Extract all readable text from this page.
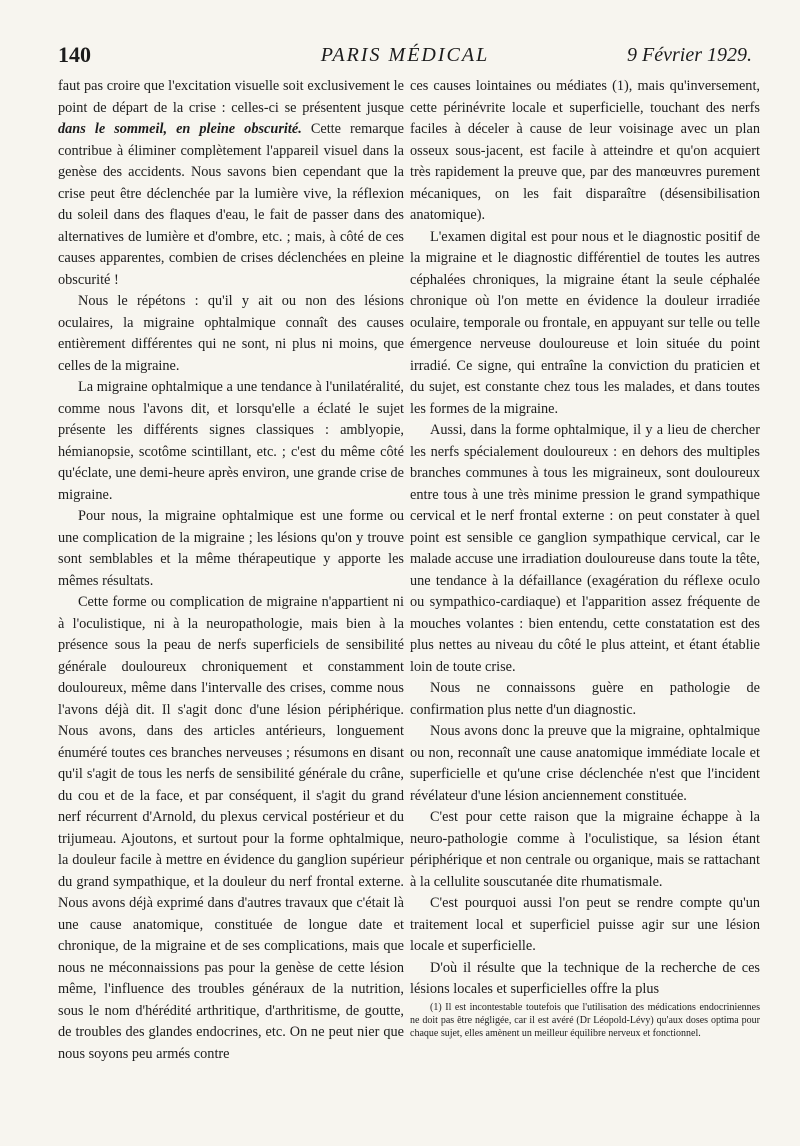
140	PARIS MÉDICAL	9 Février 1929.

faut pas croire que l'excitation visuelle soit exclusivement le point de départ de la crise : celles-ci se présentent jusque dans le sommeil, en pleine obscurité. Cette remarque contribue à éliminer complètement l'appareil visuel dans la genèse des accidents. Nous savons bien cependant que la crise peut être déclenchée par la lumière vive, la réflexion du soleil dans des flaques d'eau, le fait de passer dans des alternatives de lumière et d'ombre, etc. ; mais, à côté de ces causes apparentes, combien de crises déclenchées en pleine obscurité !

Nous le répétons : qu'il y ait ou non des lésions oculaires, la migraine ophtalmique connaît des causes entièrement différentes qui ne sont, ni plus ni moins, que celles de la migraine.

La migraine ophtalmique a une tendance à l'unilatéralité, comme nous l'avons dit, et lorsqu'elle a éclaté le sujet présente les différents signes classiques : amblyopie, hémianopsie, scotôme scintillant, etc. ; c'est du même côté qu'éclate, une demi-heure après environ, une grande crise de migraine.

Pour nous, la migraine ophtalmique est une forme ou une complication de la migraine ; les lésions qu'on y trouve sont semblables et la même thérapeutique y apporte les mêmes résultats.

Cette forme ou complication de migraine n'appartient ni à l'oculistique, ni à la neuropathologie, mais bien à la présence sous la peau de nerfs superficiels de sensibilité générale douloureux chroniquement et constamment douloureux, même dans l'intervalle des crises, comme nous l'avons déjà dit. Il s'agit donc d'une lésion périphérique. Nous avons, dans des articles antérieurs, longuement énuméré toutes ces branches nerveuses ; résumons en disant qu'il s'agit de tous les nerfs de sensibilité générale du crâne, du cou et de la face, et par conséquent, il s'agit du grand nerf récurrent d'Arnold, du plexus cervical postérieur et du trijumeau. Ajoutons, et surtout pour la forme ophtalmique, la douleur facile à mettre en évidence du ganglion supérieur du grand sympathique, et la douleur du nerf frontal externe. Nous avons déjà exprimé dans d'autres travaux que c'était là une cause anatomique, constituée de longue date et chronique, de la migraine et de ses complications, mais que nous ne méconnaissions pas pour la genèse de cette lésion même, l'influence des troubles généraux de la nutrition, sous le nom d'hérédité arthritique, d'arthritisme, de goutte, de troubles des glandes endocrines, etc. On ne peut nier que nous soyons peu armés contre

ces causes lointaines ou médiates (1), mais qu'inversement, cette périnévrite locale et superficielle, touchant des nerfs faciles à déceler à cause de leur voisinage avec un plan osseux sous-jacent, est facile à atteindre et qu'on acquiert très rapidement la preuve que, par des manœuvres purement mécaniques, on les fait disparaître (désensibilisation anatomique).

L'examen digital est pour nous et le diagnostic positif de la migraine et le diagnostic différentiel de toutes les autres céphalées chroniques, la migraine étant la seule céphalée chronique où l'on mette en évidence la douleur irradiée oculaire, temporale ou frontale, en appuyant sur telle ou telle émergence nerveuse douloureuse et loin située du point irradié. Ce signe, qui entraîne la conviction du praticien et du sujet, est constante chez tous les malades, et dans toutes les formes de la migraine.

Aussi, dans la forme ophtalmique, il y a lieu de chercher les nerfs spécialement douloureux : en dehors des multiples branches communes à tous les migraineux, sont douloureux entre tous à une très minime pression le grand sympathique cervical et le nerf frontal externe : on peut constater à quel point est sensible ce ganglion sympathique cervical, car le malade accuse une irradiation douloureuse dans toute la tête, une tendance à la défaillance (exagération du réflexe oculo ou sympathico-cardiaque) et l'apparition assez fréquente de mouches volantes : bien entendu, cette constatation est des plus nettes au niveau du côté le plus atteint, et étant établie loin de toute crise.

Nous ne connaissons guère en pathologie de confirmation plus nette d'un diagnostic.

Nous avons donc la preuve que la migraine, ophtalmique ou non, reconnaît une cause anatomique immédiate locale et superficielle et qu'une crise déclenchée n'est que l'incident révélateur d'une lésion anciennement constituée.

C'est pour cette raison que la migraine échappe à la neuro-pathologie comme à l'oculistique, sa lésion étant périphérique et non centrale ou organique, mais se rattachant à la cellulite souscutanée dite rhumatismale.

C'est pourquoi aussi l'on peut se rendre compte qu'un traitement local et superficiel puisse agir sur une lésion locale et superficielle.

D'où il résulte que la technique de la recherche de ces lésions locales et superficielles offre la plus

(1) Il est incontestable toutefois que l'utilisation des médications endocriniennes ne doit pas être négligée, car il est avéré (Dr Léopold-Lévy) qu'aux doses optima pour chaque sujet, elles amènent un meilleur équilibre nerveux et fonctionnel.
